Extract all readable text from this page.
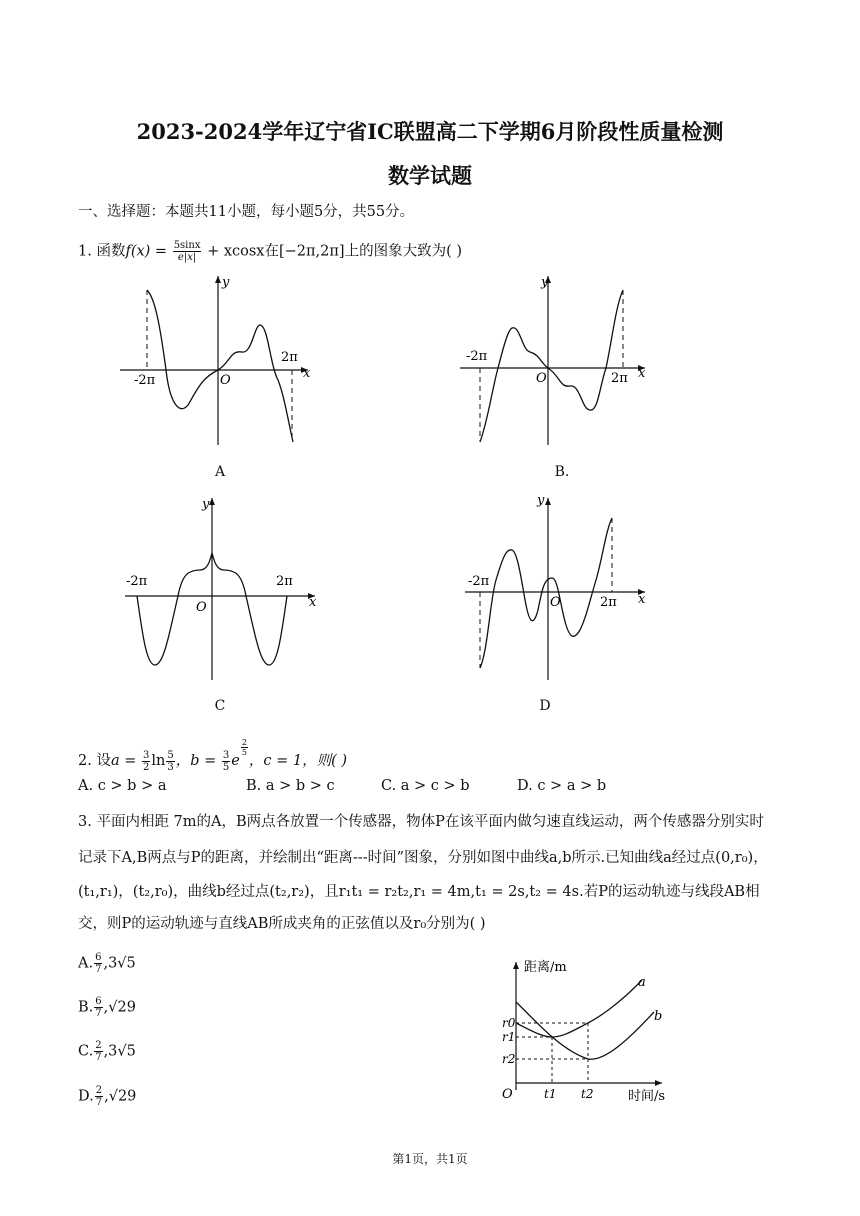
2023-2024学年辽宁省IC联盟高二下学期6月阶段性质量检测
数学试题
一、选择题：本题共11小题，每小题5分，共55分。
1. 函数$f(x) = \frac{5\sin x}{e|x|} + xcosx$在[−2π,2π]上的图象大致为( )
y
x
O
-2π
2π
A
y
x
O
-2π
2π
B.
y
x
O
-2π	2π
C
y
x
O
-2π
2π
D
2. 设$a = \frac{3}{2}$ $\ln \frac{5}{3}$ ，$b = \frac{3}{5}$ e
$\frac{2}{5}$
，c = 1，则( )
A. c > b > a	B. a > b > c	C. a > c > b	D. c > a > b
3. 平面内相距 7m的A，B两点各放置一个传感器，物体P在该平面内做匀速直线运动，两个传感器分别实时
记录下A,B两点与P的距离，并绘制出“距离---时间”图象，分别如图中曲线a,b所示.已知曲线a经过点(0,r₀)，
(t₁,r₁)，(t₂,r₀)，曲线b经过点(t₂,r₂)，且r₁t₁ = r₂t₂,r₁ = 4m,t₁ = 2s,t₂ = 4s.若P的运动轨迹与线段AB相
交，则P的运动轨迹与直线AB所成夹角的正弦值以及r₀分别为( )
A. $\frac{6}{7} ,3√5$
B. $\frac{6}{7} ,√29$
C. $\frac{2}{7} ,3√5$
D. $\frac{2}{7} ,√29$
距离/m
时间/s
O
a
b
r0
r1
r2
t1 t2
第1页，共1页
